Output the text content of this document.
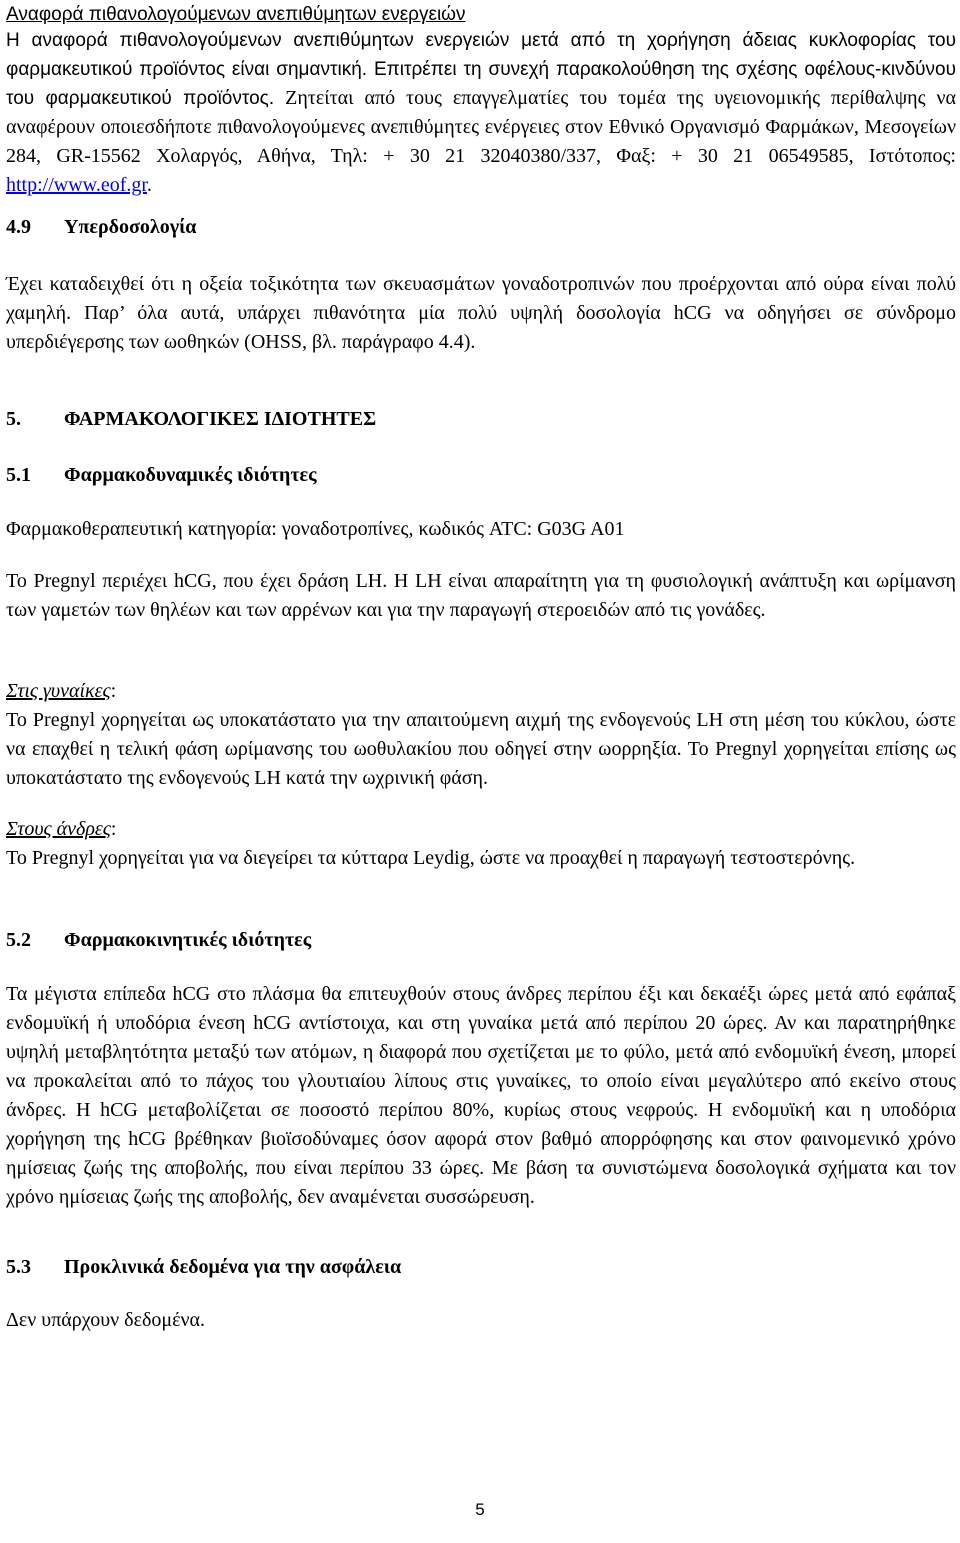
Αναφορά πιθανολογούμενων ανεπιθύμητων ενεργειών
Η αναφορά πιθανολογούμενων ανεπιθύμητων ενεργειών μετά από τη χορήγηση άδειας κυκλοφορίας του φαρμακευτικού προϊόντος είναι σημαντική. Επιτρέπει τη συνεχή παρακολούθηση της σχέσης οφέλους-κινδύνου του φαρμακευτικού προϊόντος. Ζητείται από τους επαγγελματίες του τομέα της υγειονομικής περίθαλψης να αναφέρουν οποιεσδήποτε πιθανολογούμενες ανεπιθύμητες ενέργειες στον Εθνικό Οργανισμό Φαρμάκων, Μεσογείων 284, GR-15562 Χολαργός, Αθήνα, Τηλ: + 30 21 32040380/337, Φαξ: + 30 21 06549585, Ιστότοπος: http://www.eof.gr.
4.9 Υπερδοσολογία
Έχει καταδειχθεί ότι η οξεία τοξικότητα των σκευασμάτων γοναδοτροπινών που προέρχονται από ούρα είναι πολύ χαμηλή. Παρ’ όλα αυτά, υπάρχει πιθανότητα μία πολύ υψηλή δοσολογία hCG να οδηγήσει σε σύνδρομο υπερδιέγερσης των ωοθηκών (OHSS, βλ. παράγραφο 4.4).
5. ΦΑΡΜΑΚΟΛΟΓΙΚΕΣ ΙΔΙΟΤΗΤΕΣ
5.1 Φαρμακοδυναμικές ιδιότητες
Φαρμακοθεραπευτική κατηγορία: γοναδοτροπίνες, κωδικός ATC: G03G A01
Το Pregnyl περιέχει hCG, που έχει δράση LH. Η LH είναι απαραίτητη για τη φυσιολογική ανάπτυξη και ωρίμανση των γαμετών των θηλέων και των αρρένων και για την παραγωγή στεροειδών από τις γονάδες.
Στις γυναίκες:
Το Pregnyl χορηγείται ως υποκατάστατο για την απαιτούμενη αιχμή της ενδογενούς LH στη μέση του κύκλου, ώστε να επαχθεί η τελική φάση ωρίμανσης του ωοθυλακίου που οδηγεί στην ωορρηξία. Το Pregnyl χορηγείται επίσης ως υποκατάστατο της ενδογενούς LH κατά την ωχρινική φάση.
Στους άνδρες:
Το Pregnyl χορηγείται για να διεγείρει τα κύτταρα Leydig, ώστε να προαχθεί η παραγωγή τεστοστερόνης.
5.2 Φαρμακοκινητικές ιδιότητες
Τα μέγιστα επίπεδα hCG στο πλάσμα θα επιτευχθούν στους άνδρες περίπου έξι και δεκαέξι ώρες μετά από εφάπαξ ενδομυϊκή ή υποδόρια ένεση hCG αντίστοιχα, και στη γυναίκα μετά από περίπου 20 ώρες. Αν και παρατηρήθηκε υψηλή μεταβλητότητα μεταξύ των ατόμων, η διαφορά που σχετίζεται με το φύλο, μετά από ενδομυϊκή ένεση, μπορεί να προκαλείται από το πάχος του γλουτιαίου λίπους στις γυναίκες, το οποίο είναι μεγαλύτερο από εκείνο στους άνδρες. Η hCG μεταβολίζεται σε ποσοστό περίπου 80%, κυρίως στους νεφρούς. Η ενδομυϊκή και η υποδόρια χορήγηση της hCG βρέθηκαν βιοϊσοδύναμες όσον αφορά στον βαθμό απορρόφησης και στον φαινομενικό χρόνο ημίσειας ζωής της αποβολής, που είναι περίπου 33 ώρες. Με βάση τα συνιστώμενα δοσολογικά σχήματα και τον χρόνο ημίσειας ζωής της αποβολής, δεν αναμένεται συσσώρευση.
5.3 Προκλινικά δεδομένα για την ασφάλεια
Δεν υπάρχουν δεδομένα.
5
